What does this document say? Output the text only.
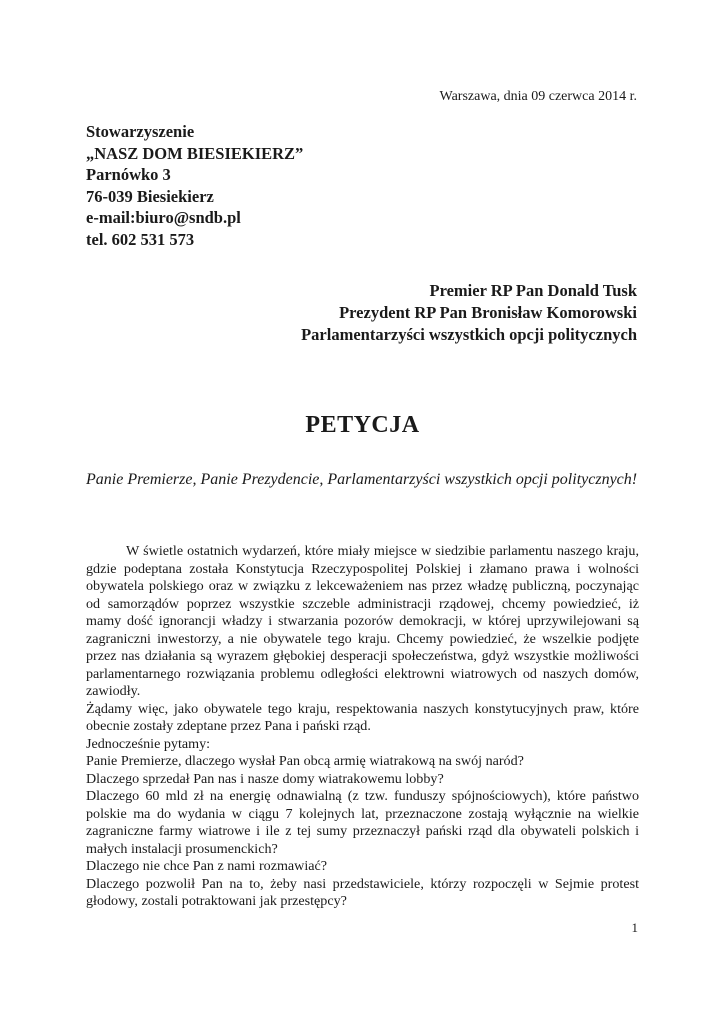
Warszawa, dnia 09 czerwca 2014 r.
Stowarzyszenie
„NASZ DOM BIESIEKIERZ”
Parnówko 3
76-039 Biesiekierz
e-mail:biuro@sndb.pl
tel. 602 531 573
Premier RP Pan Donald Tusk
Prezydent RP Pan Bronisław Komorowski
Parlamentarzyści wszystkich opcji politycznych
PETYCJA
Panie Premierze, Panie Prezydencie, Parlamentarzyści wszystkich opcji politycznych!

W świetle ostatnich wydarzeń, które miały miejsce w siedzibie parlamentu naszego kraju, gdzie podeptana została Konstytucja Rzeczypospolitej Polskiej i złamano prawa i wolności obywatela polskiego oraz w związku z lekceważeniem nas przez władzę publiczną, poczynając od samorządów poprzez wszystkie szczeble administracji rządowej, chcemy powiedzieć, iż mamy dość ignorancji władzy i stwarzania pozorów demokracji, w której uprzywilejowani są zagraniczni inwestorzy, a nie obywatele tego kraju. Chcemy powiedzieć, że wszelkie podjęte przez nas działania są wyrazem głębokiej desperacji społeczeństwa, gdyż wszystkie możliwości parlamentarnego rozwiązania problemu odległości elektrowni wiatrowych od naszych domów, zawiodły.

Żądamy więc, jako obywatele tego kraju, respektowania naszych konstytucyjnych praw, które obecnie zostały zdeptane przez Pana i pański rząd.

Jednocześnie pytamy:

Panie Premierze, dlaczego wysłał Pan obcą armię wiatrakową na swój naród?

Dlaczego sprzedał Pan nas i nasze domy wiatrakowemu lobby?

Dlaczego 60 mld zł na energię odnawialną (z tzw. funduszy spójnościowych), które państwo polskie ma do wydania w ciągu 7 kolejnych lat, przeznaczone zostają wyłącznie na wielkie zagraniczne farmy wiatrowe i ile z tej sumy przeznaczył pański rząd dla obywateli polskich i małych instalacji prosumenckich?

Dlaczego nie chce Pan z nami rozmawiać?

Dlaczego pozwolił Pan na to, żeby nasi przedstawiciele, którzy rozpoczęli w Sejmie protest głodowy, zostali potraktowani jak przestępcy?

1
